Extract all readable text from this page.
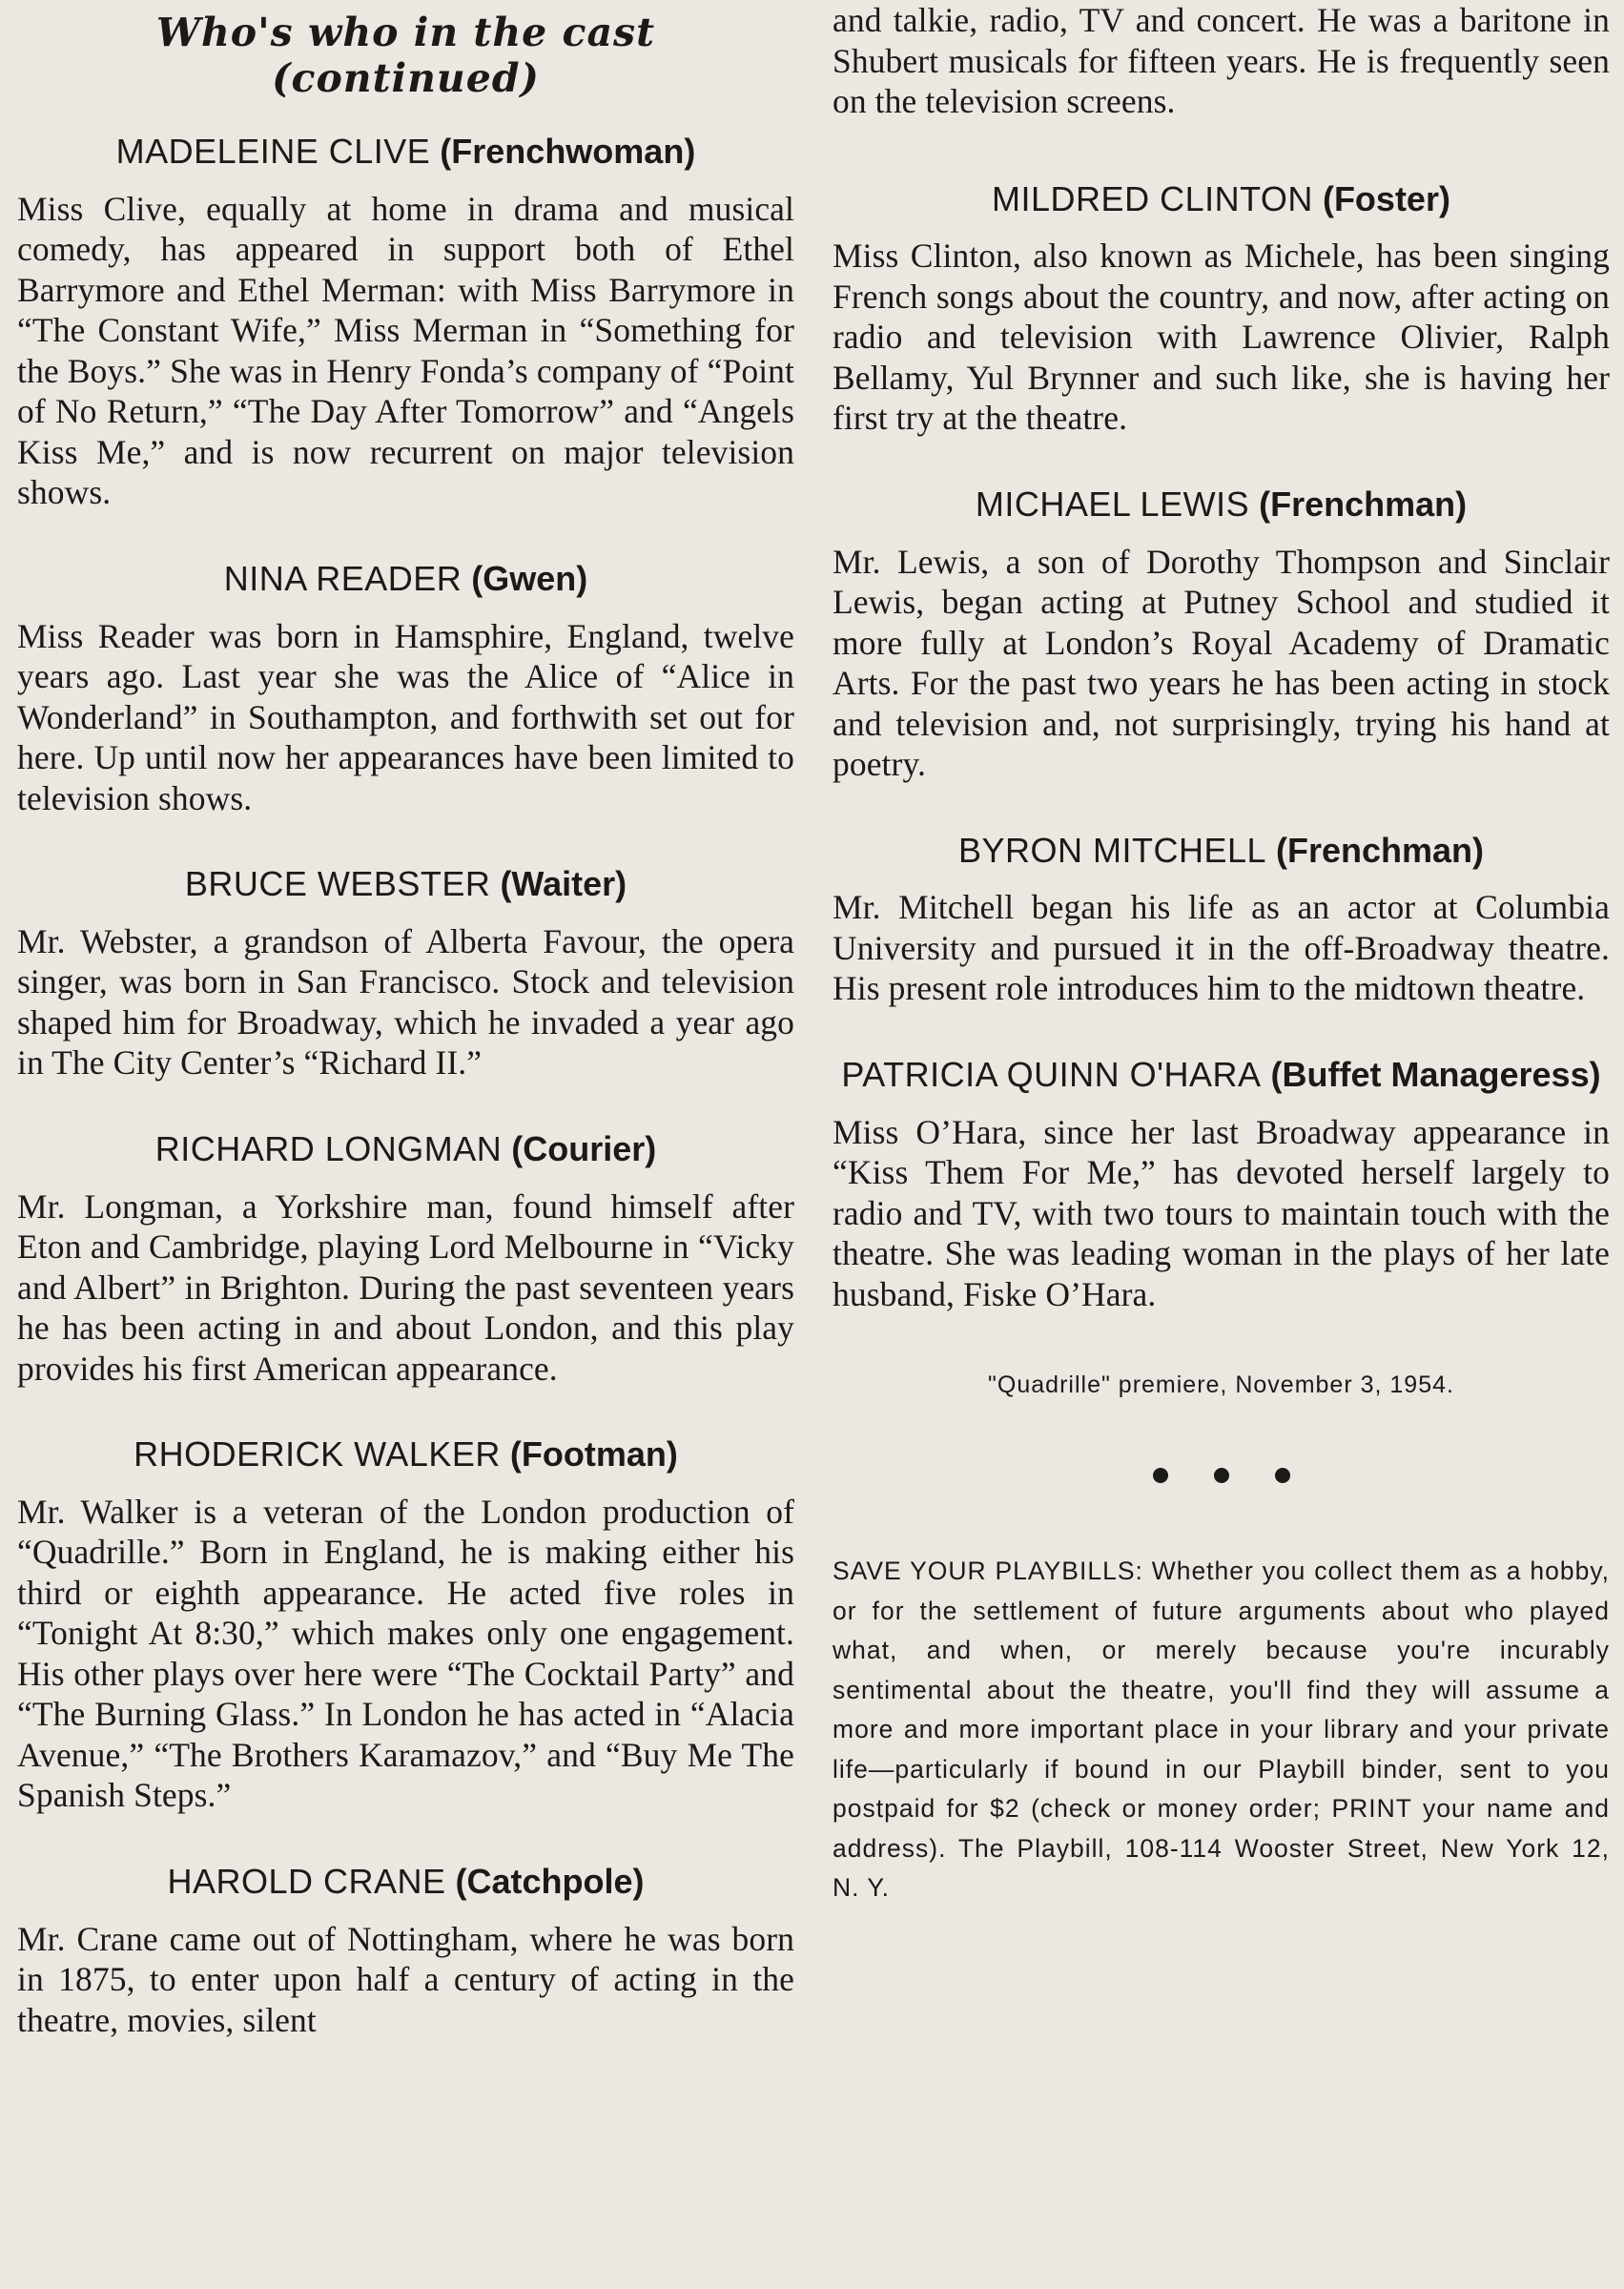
Who's who in the cast (continued)

MADELEINE CLIVE (Frenchwoman)

Miss Clive, equally at home in drama and musical comedy, has appeared in support both of Ethel Barrymore and Ethel Merman: with Miss Barrymore in “The Constant Wife,” Miss Merman in “Something for the Boys.” She was in Henry Fonda’s company of “Point of No Return,” “The Day After Tomorrow” and “Angels Kiss Me,” and is now recurrent on major television shows.

NINA READER (Gwen)

Miss Reader was born in Hamsphire, England, twelve years ago. Last year she was the Alice of “Alice in Wonderland” in Southampton, and forthwith set out for here. Up until now her appearances have been limited to television shows.

BRUCE WEBSTER (Waiter)

Mr. Webster, a grandson of Alberta Favour, the opera singer, was born in San Francisco. Stock and television shaped him for Broadway, which he invaded a year ago in The City Center’s “Richard II.”

RICHARD LONGMAN (Courier)

Mr. Longman, a Yorkshire man, found himself after Eton and Cambridge, playing Lord Melbourne in “Vicky and Albert” in Brighton. During the past seventeen years he has been acting in and about London, and this play provides his first American appearance.

RHODERICK WALKER (Footman)

Mr. Walker is a veteran of the London production of “Quadrille.” Born in England, he is making either his third or eighth appearance. He acted five roles in “Tonight At 8:30,” which makes only one engagement. His other plays over here were “The Cocktail Party” and “The Burning Glass.” In London he has acted in “Alacia Avenue,” “The Brothers Karamazov,” and “Buy Me The Spanish Steps.”

HAROLD CRANE (Catchpole)

Mr. Crane came out of Nottingham, where he was born in 1875, to enter upon half a century of acting in the theatre, movies, silent

and talkie, radio, TV and concert. He was a baritone in Shubert musicals for fifteen years. He is frequently seen on the television screens.

MILDRED CLINTON (Foster)

Miss Clinton, also known as Michele, has been singing French songs about the country, and now, after acting on radio and television with Lawrence Olivier, Ralph Bellamy, Yul Brynner and such like, she is having her first try at the theatre.

MICHAEL LEWIS (Frenchman)

Mr. Lewis, a son of Dorothy Thompson and Sinclair Lewis, began acting at Putney School and studied it more fully at London’s Royal Academy of Dramatic Arts. For the past two years he has been acting in stock and television and, not surprisingly, trying his hand at poetry.

BYRON MITCHELL (Frenchman)

Mr. Mitchell began his life as an actor at Columbia University and pursued it in the off-Broadway theatre. His present role introduces him to the midtown theatre.

PATRICIA QUINN O'HARA (Buffet Manageress)

Miss O’Hara, since her last Broadway appearance in “Kiss Them For Me,” has devoted herself largely to radio and TV, with two tours to maintain touch with the theatre. She was leading woman in the plays of her late husband, Fiske O’Hara.

"Quadrille" premiere, November 3, 1954.

SAVE YOUR PLAYBILLS: Whether you collect them as a hobby, or for the settlement of future arguments about who played what, and when, or merely because you're incurably sentimental about the theatre, you'll find they will assume a more and more important place in your library and your private life—particularly if bound in our Playbill binder, sent to you postpaid for $2 (check or money order; PRINT your name and address). The Playbill, 108-114 Wooster Street, New York 12, N. Y.
